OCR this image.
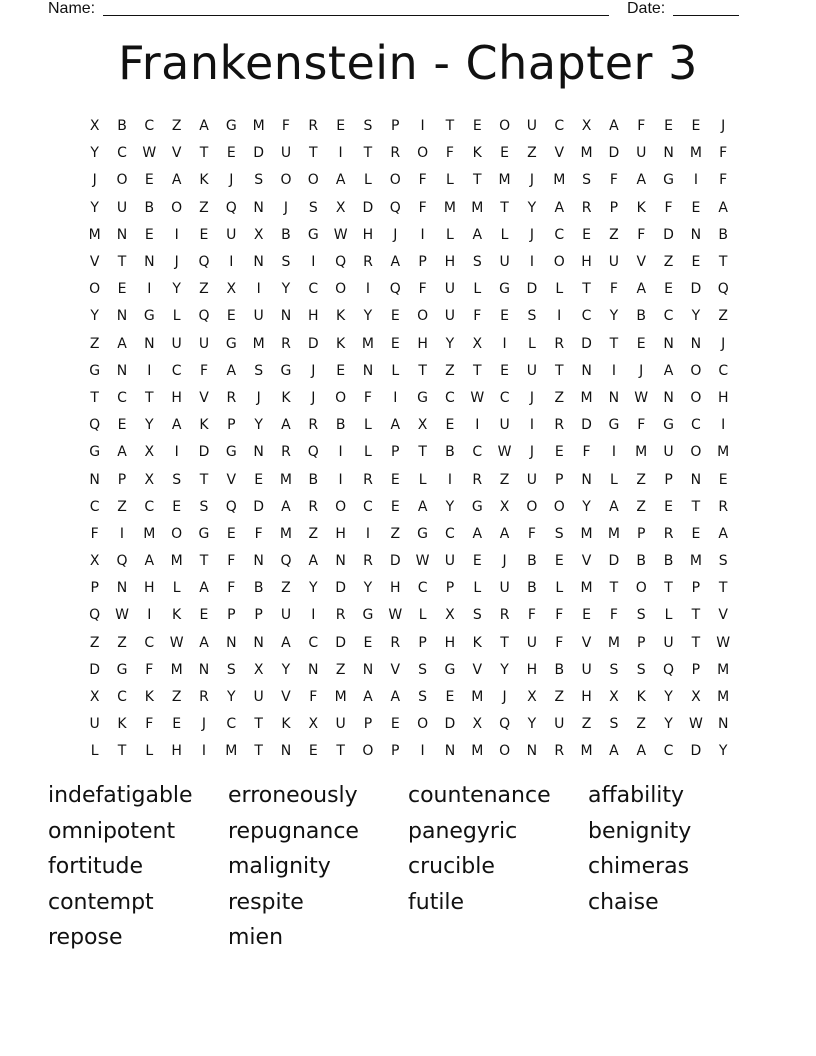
Name:	Date:
Frankenstein - Chapter 3
X	B	C	Z	A	G	M	F	R	E	S	P	I	T	E	O	U	C	X	A	F	E	E	J
Y	C	W	V	T	E	D	U	T	I	T	R	O	F	K	E	Z	V	M	D	U	N	M	F
J	O	E	A	K	J	S	O	O	A	L	O	F	L	T	M	J	M	S	F	A	G	I	F
Y	U	B	O	Z	Q	N	J	S	X	D	Q	F	M	M	T	Y	A	R	P	K	F	E	A
M	N	E	I	E	U	X	B	G	W	H	J	I	L	A	L	J	C	E	Z	F	D	N	B
V	T	N	J	Q	I	N	S	I	Q	R	A	P	H	S	U	I	O	H	U	V	Z	E	T
O	E	I	Y	Z	X	I	Y	C	O	I	Q	F	U	L	G	D	L	T	F	A	E	D	Q
Y	N	G	L	Q	E	U	N	H	K	Y	E	O	U	F	E	S	I	C	Y	B	C	Y	Z
Z	A	N	U	U	G	M	R	D	K	M	E	H	Y	X	I	L	R	D	T	E	N	N	J
G	N	I	C	F	A	S	G	J	E	N	L	T	Z	T	E	U	T	N	I	J	A	O	C
T	C	T	H	V	R	J	K	J	O	F	I	G	C	W	C	J	Z	M	N	W	N	O	H
Q	E	Y	A	K	P	Y	A	R	B	L	A	X	E	I	U	I	R	D	G	F	G	C	I
G	A	X	I	D	G	N	R	Q	I	L	P	T	B	C	W	J	E	F	I	M	U	O	M
N	P	X	S	T	V	E	M	B	I	R	E	L	I	R	Z	U	P	N	L	Z	P	N	E
C	Z	C	E	S	Q	D	A	R	O	C	E	A	Y	G	X	O	O	Y	A	Z	E	T	R
F	I	M	O	G	E	F	M	Z	H	I	Z	G	C	A	A	F	S	M	M	P	R	E	A
X	Q	A	M	T	F	N	Q	A	N	R	D	W	U	E	J	B	E	V	D	B	B	M	S
P	N	H	L	A	F	B	Z	Y	D	Y	H	C	P	L	U	B	L	M	T	O	T	P	T
Q	W	I	K	E	P	P	U	I	R	G	W	L	X	S	R	F	F	E	F	S	L	T	V
Z	Z	C	W	A	N	N	A	C	D	E	R	P	H	K	T	U	F	V	M	P	U	T	W
D	G	F	M	N	S	X	Y	N	Z	N	V	S	G	V	Y	H	B	U	S	S	Q	P	M
X	C	K	Z	R	Y	U	V	F	M	A	A	S	E	M	J	X	Z	H	X	K	Y	X	M
U	K	F	E	J	C	T	K	X	U	P	E	O	D	X	Q	Y	U	Z	S	Z	Y	W	N
L	T	L	H	I	M	T	N	E	T	O	P	I	N	M	O	N	R	M	A	A	C	D	Y
indefatigable	erroneously	countenance	affability
omnipotent	repugnance	panegyric	benignity
fortitude	malignity	crucible	chimeras
contempt	respite	futile	chaise
repose	mien
